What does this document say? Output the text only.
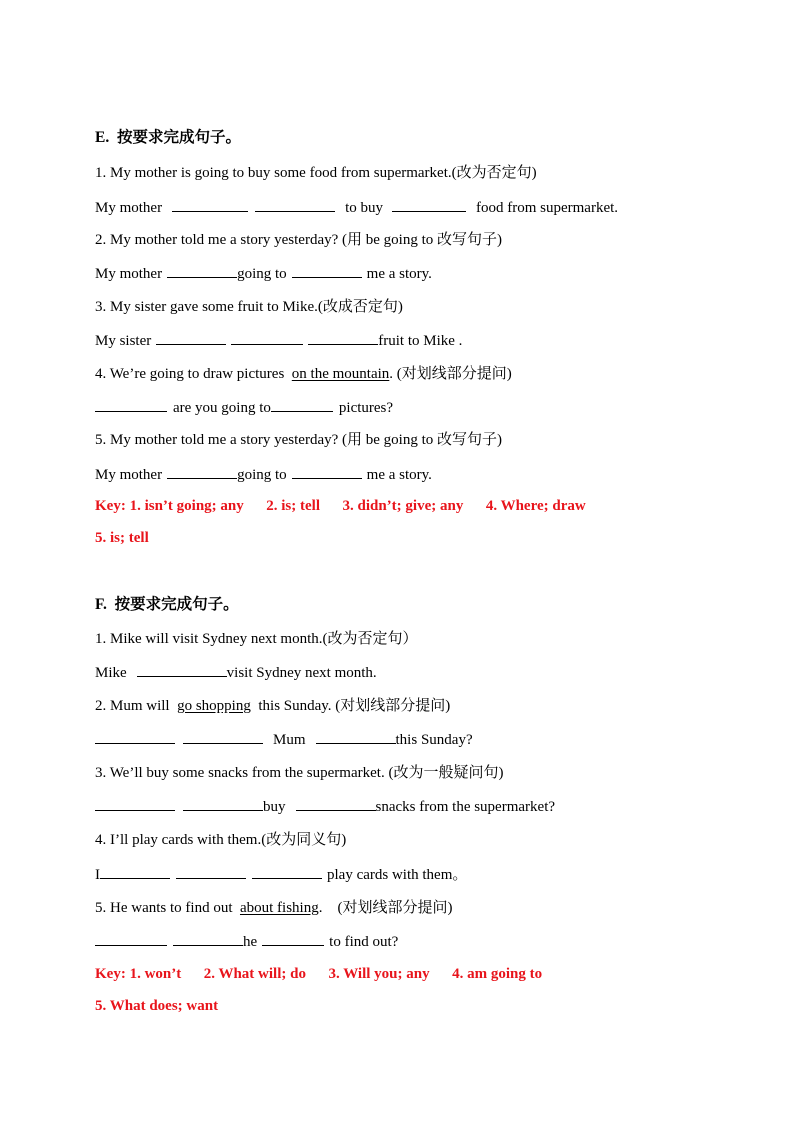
E.  按要求完成句子。
1. My mother is going to buy some food from supermarket.(改为否定句)
My mother	to buy	food from supermarket.
2. My mother told me a story yesterday? (用 be going to 改写句子)
My mother	going to	me a story.
3. My sister gave some fruit to Mike.(改成否定句)
My sister	fruit to Mike .
4. We’re going to draw pictures  on the mountain. (对划线部分提问)
are you going to	pictures?
5. My mother told me a story yesterday? (用 be going to 改写句子)
My mother	going to	me a story.
Key: 1. isn’t going; any      2. is; tell      3. didn’t; give; any      4. Where; draw
5. is; tell
F.  按要求完成句子。
1. Mike will visit Sydney next month.(改为否定句）
Mike	visit Sydney next month.
2. Mum will  go shopping  this Sunday. (对划线部分提问)
Mum	this Sunday?
3. We’ll buy some snacks from the supermarket. (改为一般疑问句)
buy	snacks from the supermarket?
4. I’ll play cards with them.(改为同义句)
I	play cards with them。
5. He wants to find out  about fishing.    (对划线部分提问)
he	to find out?
Key: 1. won’t      2. What will; do      3. Will you; any      4. am going to
5. What does; want
